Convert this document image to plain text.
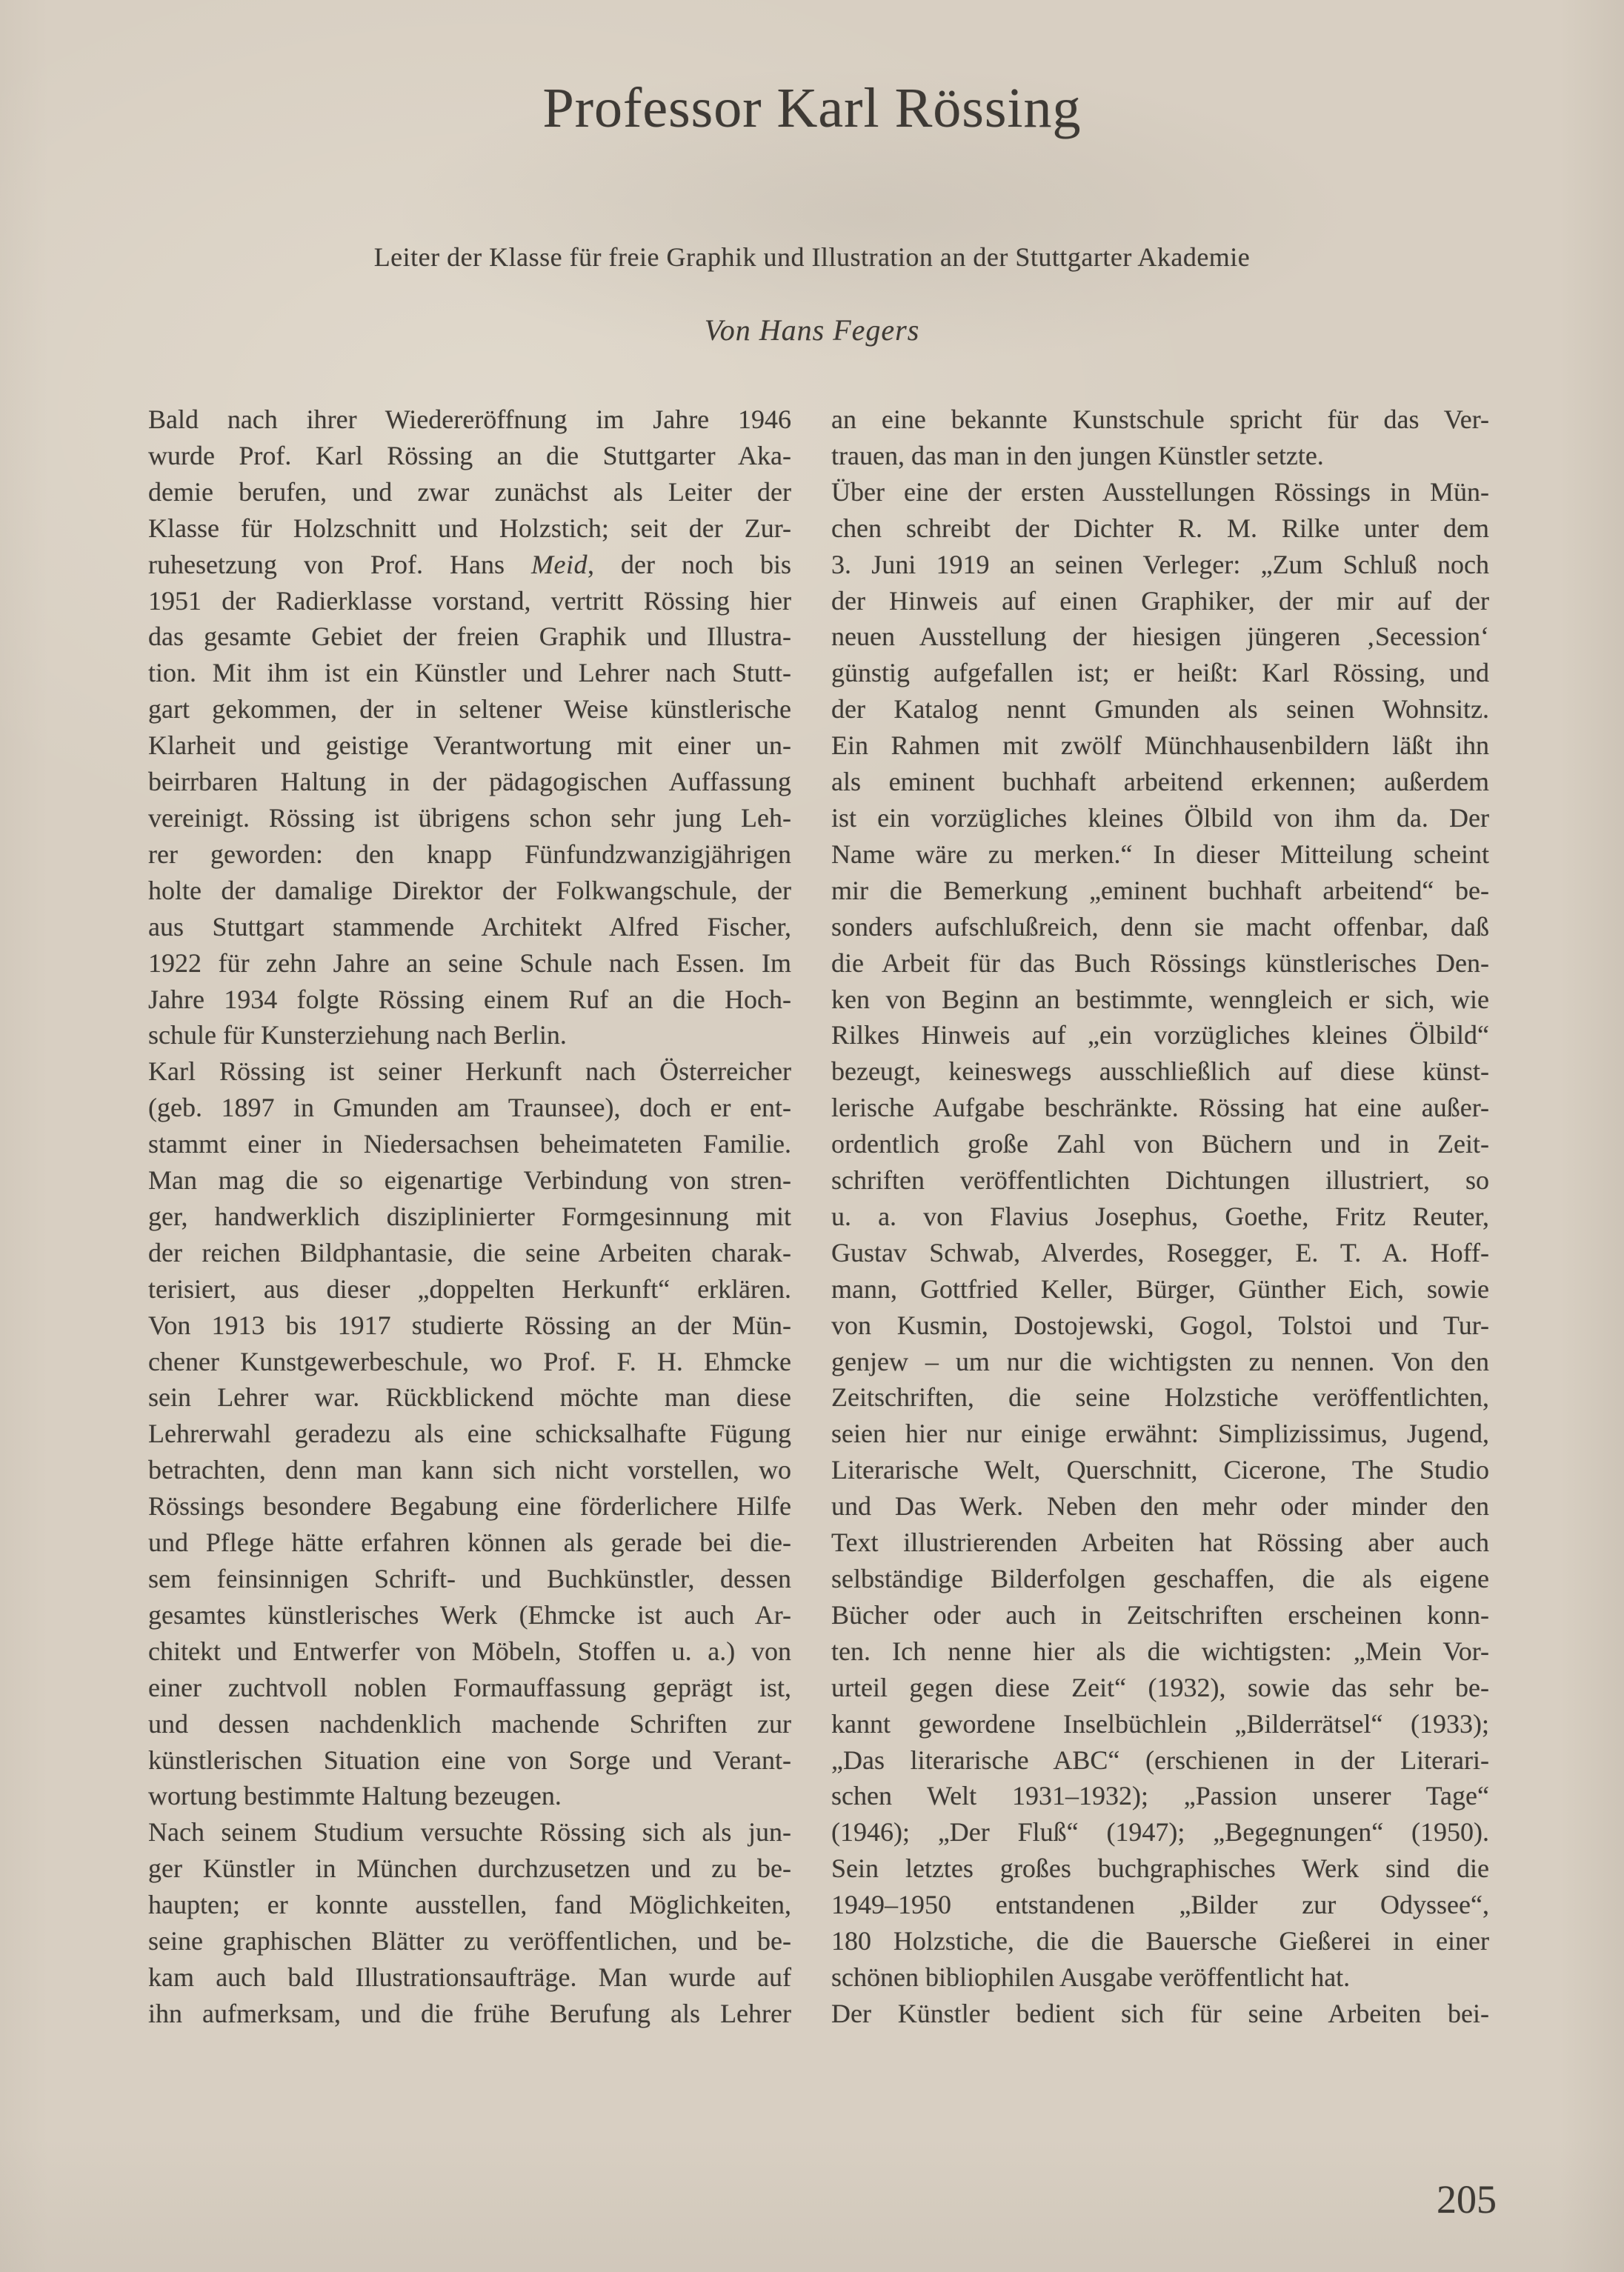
Professor Karl Rössing

Leiter der Klasse für freie Graphik und Illustration an der Stuttgarter Akademie

Von Hans Fegers

Bald nach ihrer Wiedereröffnung im Jahre 1946
wurde Prof. Karl Rössing an die Stuttgarter Aka-
demie berufen, und zwar zunächst als Leiter der
Klasse für Holzschnitt und Holzstich; seit der Zur-
ruhesetzung von Prof. Hans Meid, der noch bis
1951 der Radierklasse vorstand, vertritt Rössing hier
das gesamte Gebiet der freien Graphik und Illustra-
tion. Mit ihm ist ein Künstler und Lehrer nach Stutt-
gart gekommen, der in seltener Weise künstlerische
Klarheit und geistige Verantwortung mit einer un-
beirrbaren Haltung in der pädagogischen Auffassung
vereinigt. Rössing ist übrigens schon sehr jung Leh-
rer geworden: den knapp Fünfundzwanzigjährigen
holte der damalige Direktor der Folkwangschule, der
aus Stuttgart stammende Architekt Alfred Fischer,
1922 für zehn Jahre an seine Schule nach Essen. Im
Jahre 1934 folgte Rössing einem Ruf an die Hoch-
schule für Kunsterziehung nach Berlin.
Karl Rössing ist seiner Herkunft nach Österreicher
(geb. 1897 in Gmunden am Traunsee), doch er ent-
stammt einer in Niedersachsen beheimateten Familie.
Man mag die so eigenartige Verbindung von stren-
ger, handwerklich disziplinierter Formgesinnung mit
der reichen Bildphantasie, die seine Arbeiten charak-
terisiert, aus dieser „doppelten Herkunft“ erklären.
Von 1913 bis 1917 studierte Rössing an der Mün-
chener Kunstgewerbeschule, wo Prof. F. H. Ehmcke
sein Lehrer war. Rückblickend möchte man diese
Lehrerwahl geradezu als eine schicksalhafte Fügung
betrachten, denn man kann sich nicht vorstellen, wo
Rössings besondere Begabung eine förderlichere Hilfe
und Pflege hätte erfahren können als gerade bei die-
sem feinsinnigen Schrift- und Buchkünstler, dessen
gesamtes künstlerisches Werk (Ehmcke ist auch Ar-
chitekt und Entwerfer von Möbeln, Stoffen u. a.) von
einer zuchtvoll noblen Formauffassung geprägt ist,
und dessen nachdenklich machende Schriften zur
künstlerischen Situation eine von Sorge und Verant-
wortung bestimmte Haltung bezeugen.
Nach seinem Studium versuchte Rössing sich als jun-
ger Künstler in München durchzusetzen und zu be-
haupten; er konnte ausstellen, fand Möglichkeiten,
seine graphischen Blätter zu veröffentlichen, und be-
kam auch bald Illustrationsaufträge. Man wurde auf
ihn aufmerksam, und die frühe Berufung als Lehrer
an eine bekannte Kunstschule spricht für das Ver-
trauen, das man in den jungen Künstler setzte.
Über eine der ersten Ausstellungen Rössings in Mün-
chen schreibt der Dichter R. M. Rilke unter dem
3. Juni 1919 an seinen Verleger: „Zum Schluß noch
der Hinweis auf einen Graphiker, der mir auf der
neuen Ausstellung der hiesigen jüngeren ‚Secession‘
günstig aufgefallen ist; er heißt: Karl Rössing, und
der Katalog nennt Gmunden als seinen Wohnsitz.
Ein Rahmen mit zwölf Münchhausenbildern läßt ihn
als eminent buchhaft arbeitend erkennen; außerdem
ist ein vorzügliches kleines Ölbild von ihm da. Der
Name wäre zu merken.“ In dieser Mitteilung scheint
mir die Bemerkung „eminent buchhaft arbeitend“ be-
sonders aufschlußreich, denn sie macht offenbar, daß
die Arbeit für das Buch Rössings künstlerisches Den-
ken von Beginn an bestimmte, wenngleich er sich, wie
Rilkes Hinweis auf „ein vorzügliches kleines Ölbild“
bezeugt, keineswegs ausschließlich auf diese künst-
lerische Aufgabe beschränkte. Rössing hat eine außer-
ordentlich große Zahl von Büchern und in Zeit-
schriften veröffentlichten Dichtungen illustriert, so
u. a. von Flavius Josephus, Goethe, Fritz Reuter,
Gustav Schwab, Alverdes, Rosegger, E. T. A. Hoff-
mann, Gottfried Keller, Bürger, Günther Eich, sowie
von Kusmin, Dostojewski, Gogol, Tolstoi und Tur-
genjew – um nur die wichtigsten zu nennen. Von den
Zeitschriften, die seine Holzstiche veröffentlichten,
seien hier nur einige erwähnt: Simplizissimus, Jugend,
Literarische Welt, Querschnitt, Cicerone, The Studio
und Das Werk. Neben den mehr oder minder den
Text illustrierenden Arbeiten hat Rössing aber auch
selbständige Bilderfolgen geschaffen, die als eigene
Bücher oder auch in Zeitschriften erscheinen konn-
ten. Ich nenne hier als die wichtigsten: „Mein Vor-
urteil gegen diese Zeit“ (1932), sowie das sehr be-
kannt gewordene Inselbüchlein „Bilderrätsel“ (1933);
„Das literarische ABC“ (erschienen in der Literari-
schen Welt 1931–1932); „Passion unserer Tage“
(1946); „Der Fluß“ (1947); „Begegnungen“ (1950).
Sein letztes großes buchgraphisches Werk sind die
1949–1950 entstandenen „Bilder zur Odyssee“,
180 Holzstiche, die die Bauersche Gießerei in einer
schönen bibliophilen Ausgabe veröffentlicht hat.
Der Künstler bedient sich für seine Arbeiten bei-
205
